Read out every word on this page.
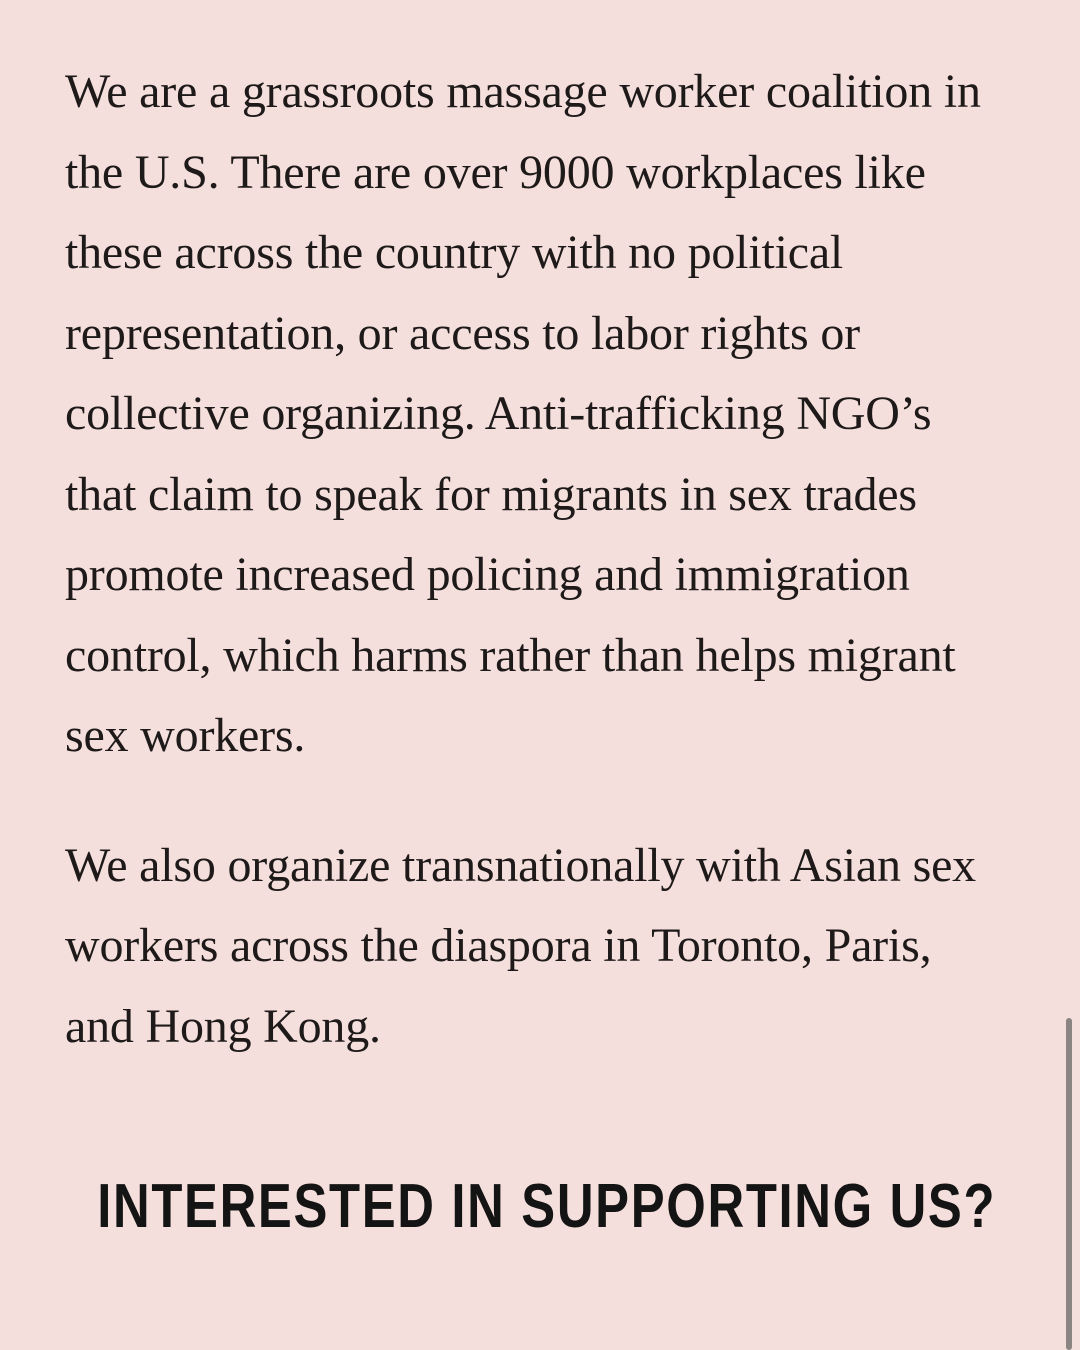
We are a grassroots massage worker coalition in

the U.S. There are over 9000 workplaces like

these across the country with no political

representation, or access to labor rights or

collective organizing. Anti-trafficking NGO’s

that claim to speak for migrants in sex trades

promote increased policing and immigration

control, which harms rather than helps migrant

sex workers.

We also organize transnationally with Asian sex

workers across the diaspora in Toronto, Paris,

and Hong Kong.

INTERESTED IN SUPPORTING US?
